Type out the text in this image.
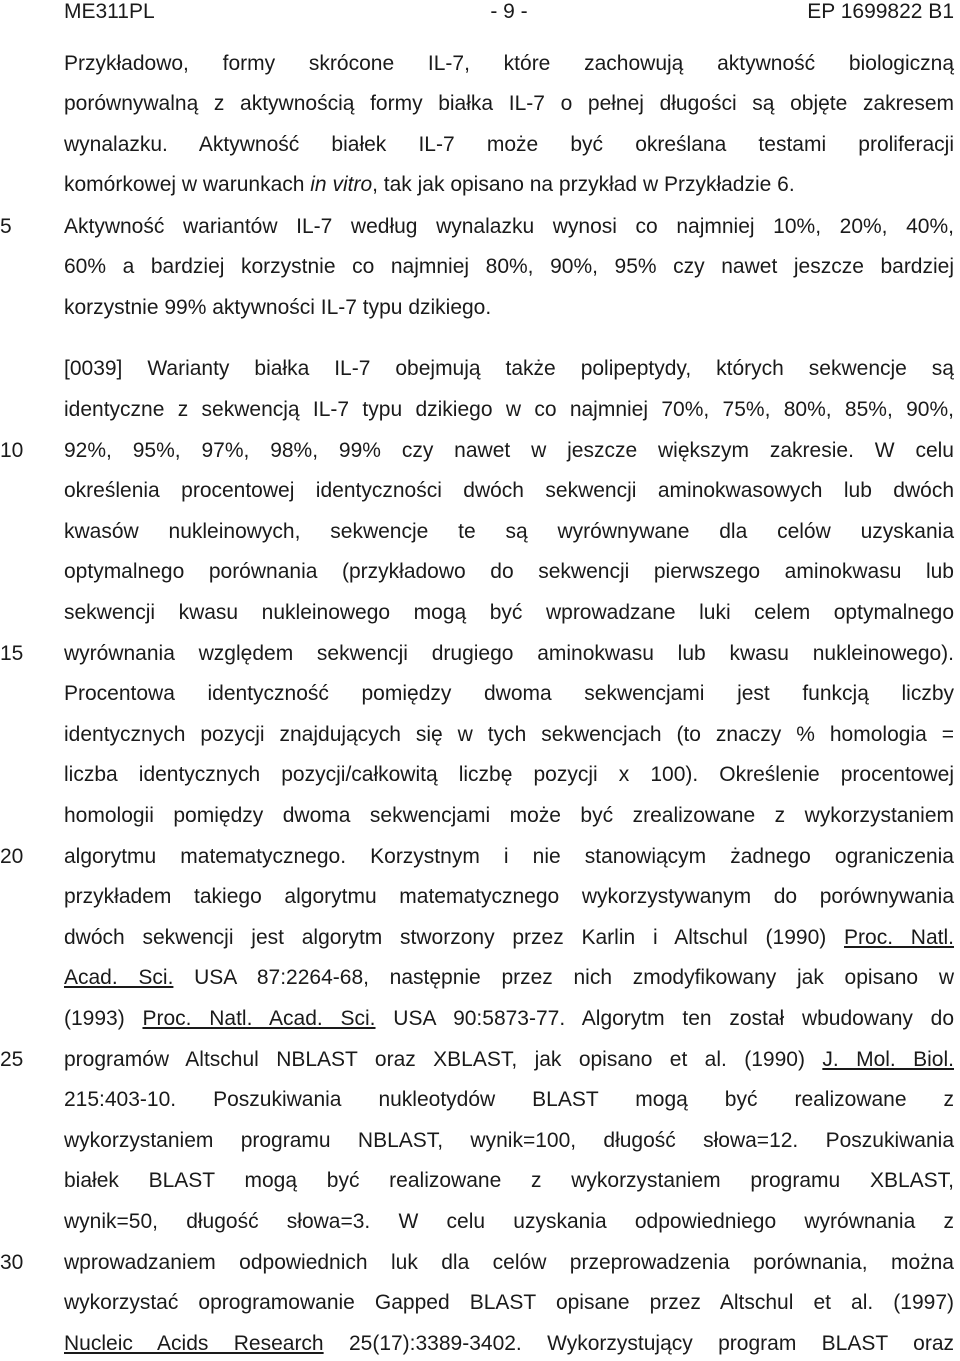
ME311PL	- 9 -	EP 1699822 B1
5
10
15
20
25
30
Przykładowo, formy skrócone IL-7, które zachowują aktywność biologiczną
porównywalną z aktywnością formy białka IL-7 o pełnej długości są objęte zakresem
wynalazku. Aktywność białek IL-7 może być określana testami proliferacji
komórkowej w warunkach in vitro, tak jak opisano na przykład w Przykładzie 6.
Aktywność wariantów IL-7 według wynalazku wynosi co najmniej 10%, 20%, 40%,
60% a bardziej korzystnie co najmniej 80%, 90%, 95% czy nawet jeszcze bardziej
korzystnie 99% aktywności IL-7 typu dzikiego.
[0039] Warianty białka IL-7 obejmują także polipeptydy, których sekwencje są
identyczne z sekwencją IL-7 typu dzikiego w co najmniej 70%, 75%, 80%, 85%, 90%,
92%, 95%, 97%, 98%, 99% czy nawet w jeszcze większym zakresie. W celu
określenia procentowej identyczności dwóch sekwencji aminokwasowych lub dwóch
kwasów nukleinowych, sekwencje te są wyrównywane dla celów uzyskania
optymalnego porównania (przykładowo do sekwencji pierwszego aminokwasu lub
sekwencji kwasu nukleinowego mogą być wprowadzane luki celem optymalnego
wyrównania względem sekwencji drugiego aminokwasu lub kwasu nukleinowego).
Procentowa identyczność pomiędzy dwoma sekwencjami jest funkcją liczby
identycznych pozycji znajdujących się w tych sekwencjach (to znaczy % homologia =
liczba identycznych pozycji/całkowitą liczbę pozycji x 100). Określenie procentowej
homologii pomiędzy dwoma sekwencjami może być zrealizowane z wykorzystaniem
algorytmu matematycznego. Korzystnym i nie stanowiącym żadnego ograniczenia
przykładem takiego algorytmu matematycznego wykorzystywanym do porównywania
dwóch sekwencji jest algorytm stworzony przez Karlin i Altschul (1990) Proc. Natl.
Acad. Sci. USA 87:2264-68, następnie przez nich zmodyfikowany jak opisano w
(1993) Proc. Natl. Acad. Sci. USA 90:5873-77. Algorytm ten został wbudowany do
programów Altschul NBLAST oraz XBLAST, jak opisano et al. (1990) J. Mol. Biol.
215:403-10. Poszukiwania nukleotydów BLAST mogą być realizowane z
wykorzystaniem programu NBLAST, wynik=100, długość słowa=12. Poszukiwania
białek BLAST mogą być realizowane z wykorzystaniem programu XBLAST,
wynik=50, długość słowa=3. W celu uzyskania odpowiedniego wyrównania z
wprowadzaniem odpowiednich luk dla celów przeprowadzenia porównania, można
wykorzystać oprogramowanie Gapped BLAST opisane przez Altschul et al. (1997)
Nucleic Acids Research 25(17):3389-3402. Wykorzystujący program BLAST oraz
